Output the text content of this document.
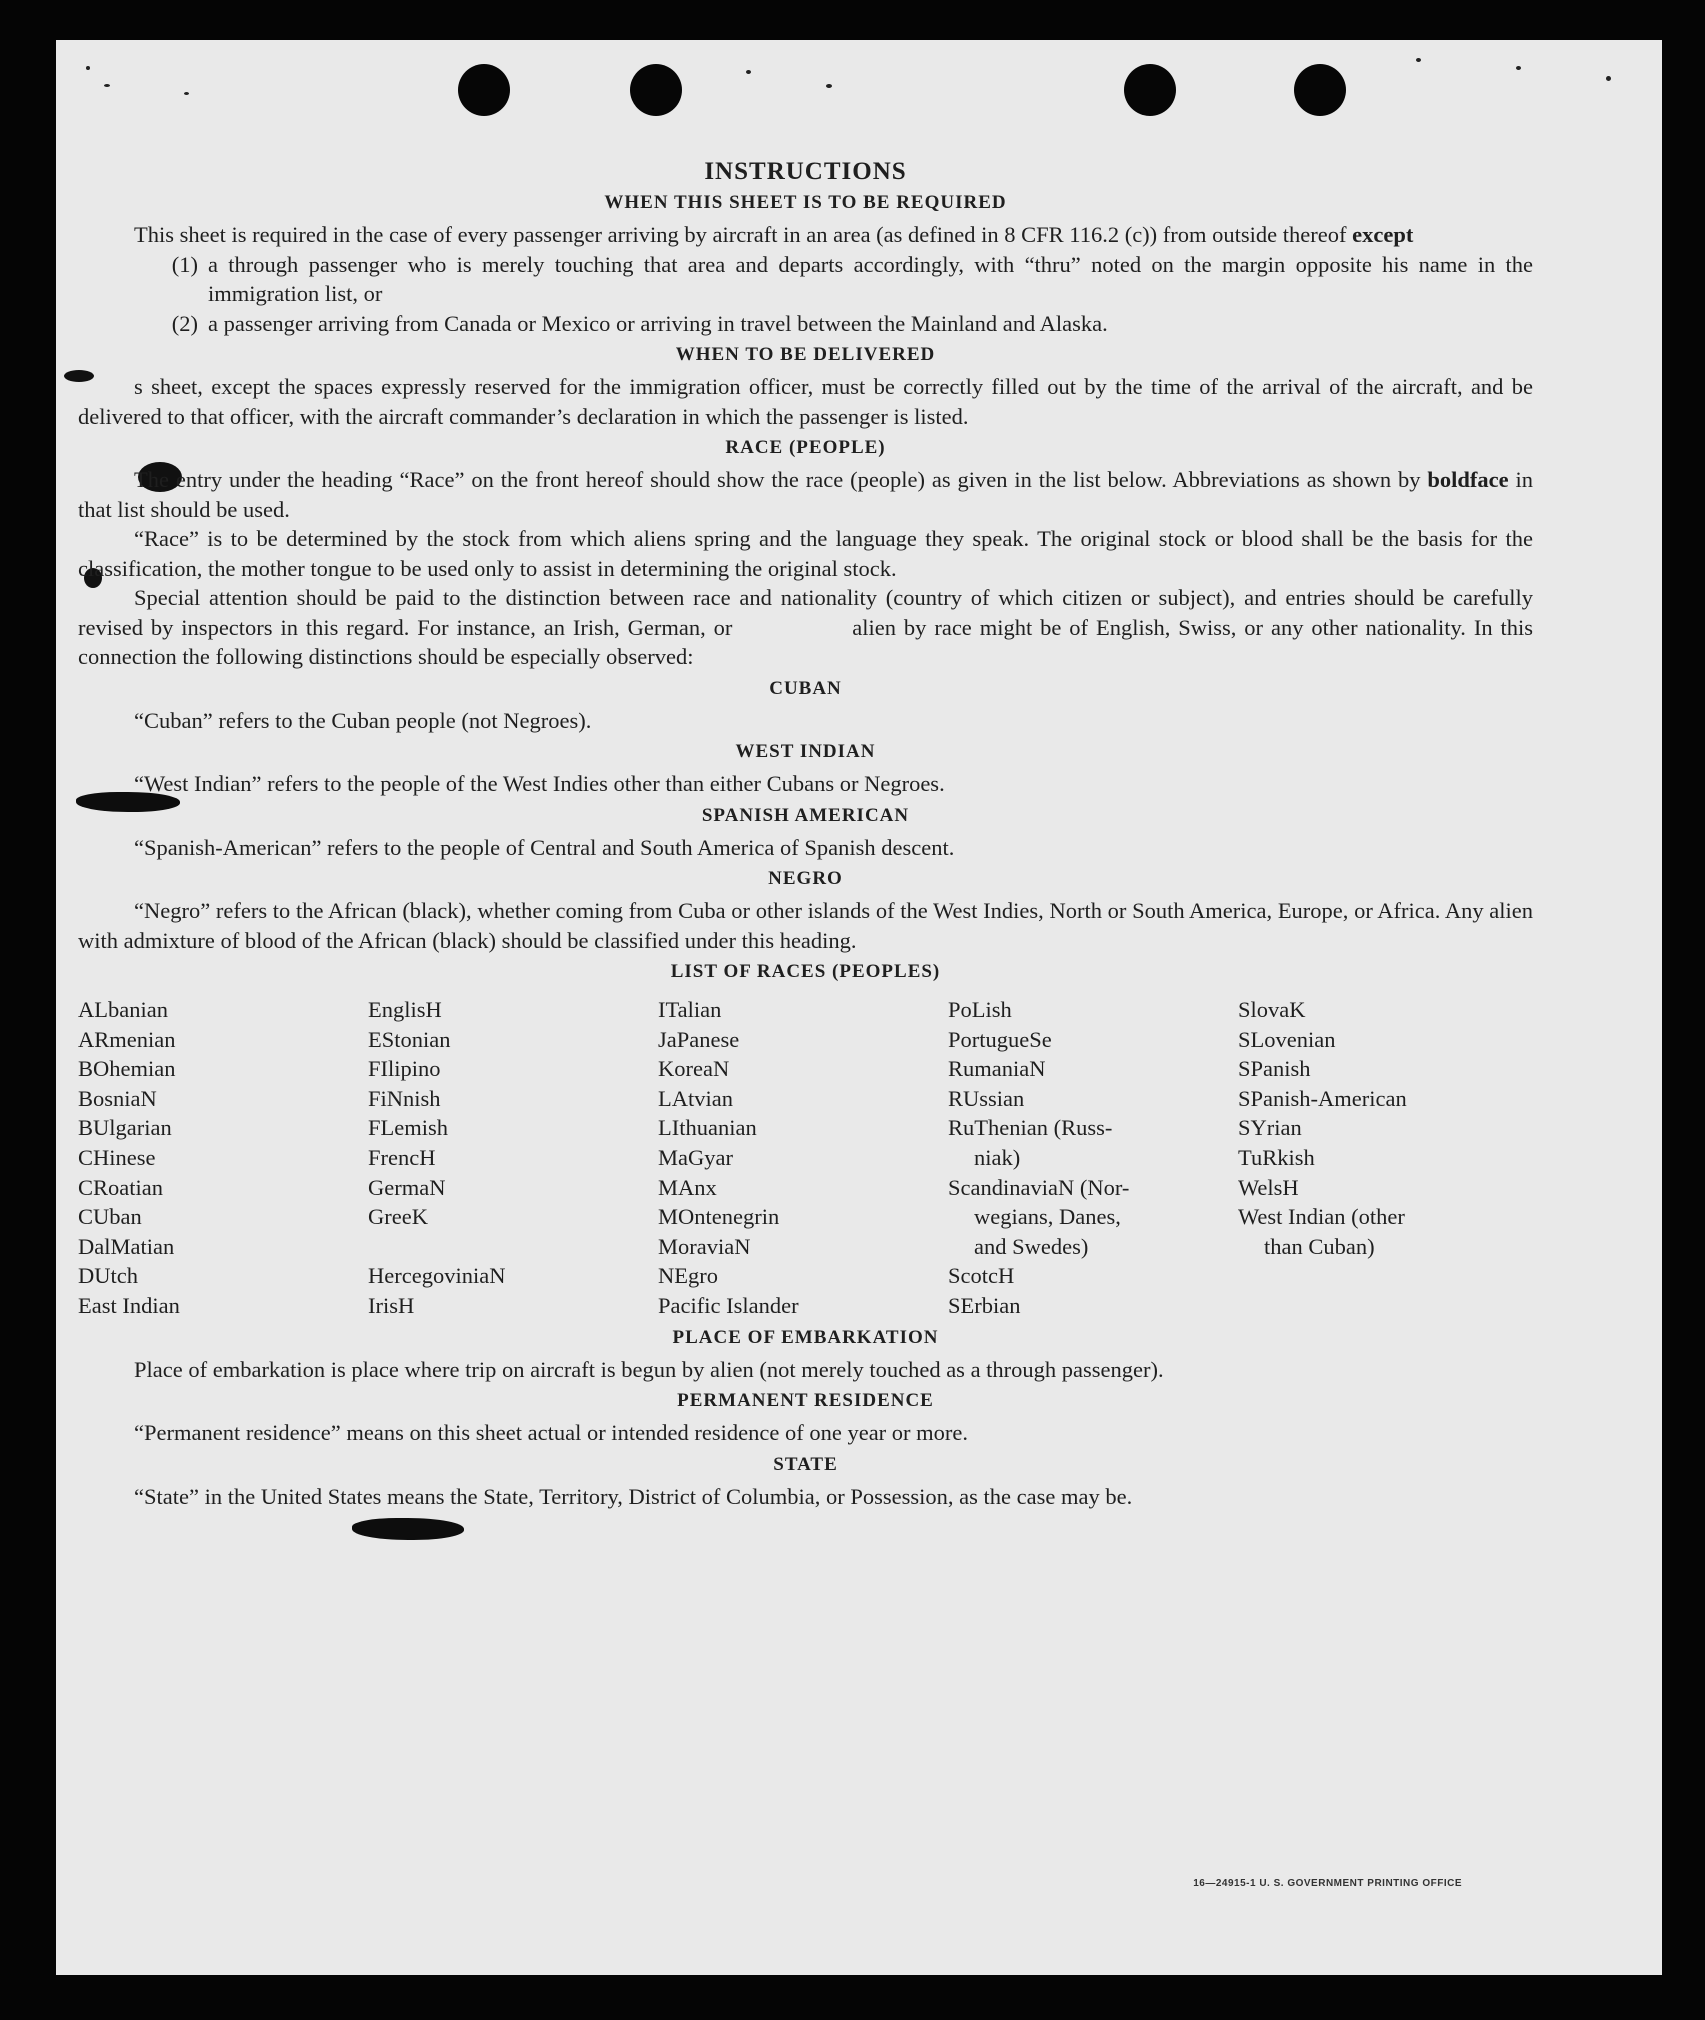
INSTRUCTIONS
WHEN THIS SHEET IS TO BE REQUIRED

This sheet is required in the case of every passenger arriving by aircraft in an area (as defined in 8 CFR 116.2 (c)) from outside thereof except

(1) a through passenger who is merely touching that area and departs accordingly, with “thru” noted on the margin opposite his name in the immigration list, or
(2) a passenger arriving from Canada or Mexico or arriving in travel between the Mainland and Alaska.
WHEN TO BE DELIVERED

s sheet, except the spaces expressly reserved for the immigration officer, must be correctly filled out by the time of the arrival of the aircraft, and be delivered to that officer, with the aircraft commander’s declaration in which the passenger is listed.

RACE (PEOPLE)

The entry under the heading “Race” on the front hereof should show the race (people) as given in the list below. Abbreviations as shown by boldface in that list should be used.

“Race” is to be determined by the stock from which aliens spring and the language they speak. The original stock or blood shall be the basis for the classification, the mother tongue to be used only to assist in determining the original stock.

Special attention should be paid to the distinction between race and nationality (country of which citizen or subject), and entries should be carefully revised by inspectors in this regard. For instance, an Irish, German, or	alien by race might be of English, Swiss, or any other nationality. In this connection the following distinctions should be especially observed:

CUBAN
“Cuban” refers to the Cuban people (not Negroes).
WEST INDIAN
“West Indian” refers to the people of the West Indies other than either Cubans or Negroes.
SPANISH AMERICAN
“Spanish-American” refers to the people of Central and South America of Spanish descent.
NEGRO

“Negro” refers to the African (black), whether coming from Cuba or other islands of the West Indies, North or South America, Europe, or Africa. Any alien with admixture of blood of the African (black) should be classified under this heading.

LIST OF RACES (PEOPLES)
ALbanian
ARmenian
BOhemian
BosniaN
BUlgarian
CHinese
CRoatian
CUban
DalMatian
DUtch
East Indian
EnglisH
EStonian
FIlipino
FiNnish
FLemish
FrencH
GermaN
GreeK

HercegoviniaN
IrisH
ITalian
JaPanese
KoreaN
LAtvian
LIthuanian
MaGyar
MAnx
MOntenegrin
MoraviaN
NEgro
Pacific Islander
PoLish
PortugueSe
RumaniaN
RUssian
RuThenian (Russ-
niak)
ScandinaviaN (Nor-
wegians, Danes,
and Swedes)
ScotcH
SErbian
SlovaK
SLovenian
SPanish
SPanish-American
SYrian
TuRkish
WelsH
West Indian (other
than Cuban)
PLACE OF EMBARKATION

Place of embarkation is place where trip on aircraft is begun by alien (not merely touched as a through passenger).

PERMANENT RESIDENCE
“Permanent residence” means on this sheet actual or intended residence of one year or more.
STATE

“State” in the United States means the State, Territory, District of Columbia, or Possession, as the case may be.

16—24915-1 U. S. GOVERNMENT PRINTING OFFICE
